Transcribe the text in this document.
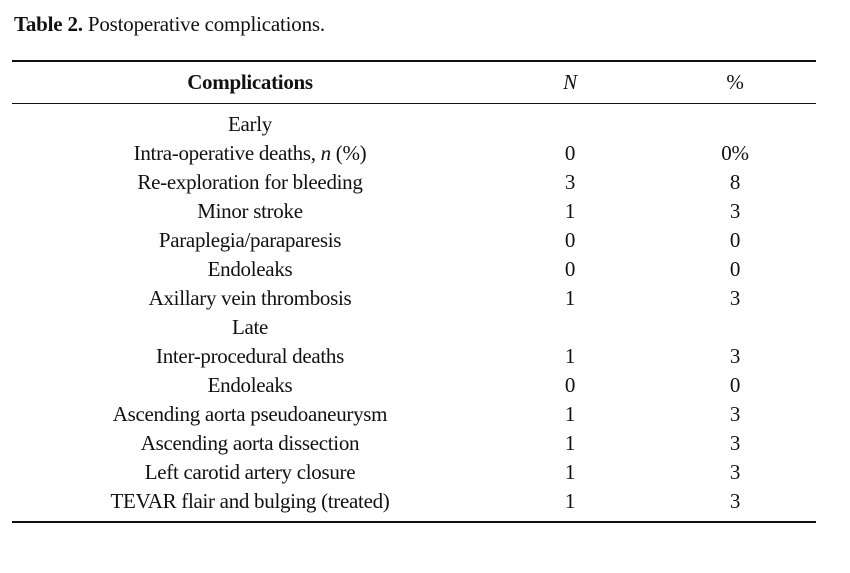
Table 2. Postoperative complications.
Complications	N	%
Early
Intra-operative deaths, n (%)	0	0%
Re-exploration for bleeding	3	8
Minor stroke	1	3
Paraplegia/paraparesis	0	0
Endoleaks	0	0
Axillary vein thrombosis	1	3
Late
Inter-procedural deaths	1	3
Endoleaks	0	0
Ascending aorta pseudoaneurysm	1	3
Ascending aorta dissection	1	3
Left carotid artery closure	1	3
TEVAR flair and bulging (treated)	1	3
